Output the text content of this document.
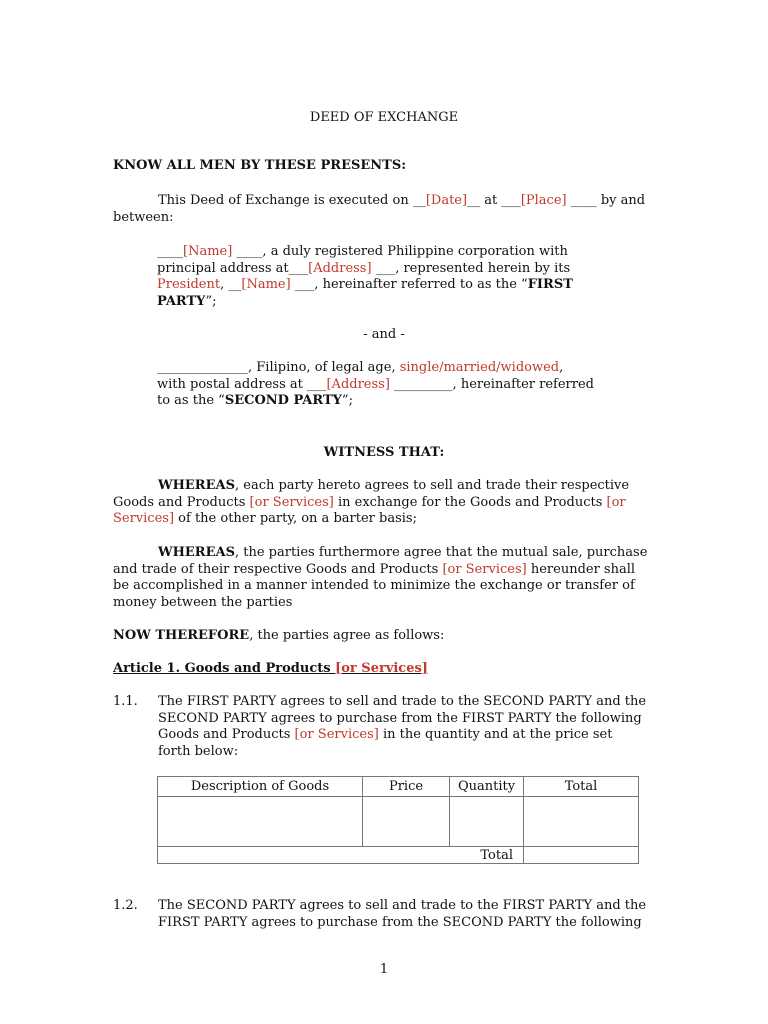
DEED OF EXCHANGE
KNOW ALL MEN BY THESE PRESENTS:
This Deed of Exchange is executed on __[Date]__ at ___[Place] ____ by and
between:
____[Name] ____, a duly registered Philippine corporation with
principal address at___[Address] ___, represented herein by its
President, __[Name] ___, hereinafter referred to as the “FIRST
PARTY”;
- and -
______________, Filipino, of legal age, single/married/widowed,
with postal address at ___[Address] _________, hereinafter referred
to as the “SECOND PARTY”;
WITNESS THAT:
WHEREAS, each party hereto agrees to sell and trade their respective
Goods and Products [or Services] in exchange for the Goods and Products [or
Services] of the other party, on a barter basis;
WHEREAS, the parties furthermore agree that the mutual sale, purchase
and trade of their respective Goods and Products [or Services] hereunder shall
be accomplished in a manner intended to minimize the exchange or transfer of
money between the parties
NOW THEREFORE, the parties agree as follows:
Article 1. Goods and Products [or Services]
1.1. The FIRST PARTY agrees to sell and trade to the SECOND PARTY and the
SECOND PARTY agrees to purchase from the FIRST PARTY the following
Goods and Products [or Services] in the quantity and at the price set
forth below:
Description of Goods	Price	Quantity	Total

Total			
1.2. The SECOND PARTY agrees to sell and trade to the FIRST PARTY and the
FIRST PARTY agrees to purchase from the SECOND PARTY the following
1
